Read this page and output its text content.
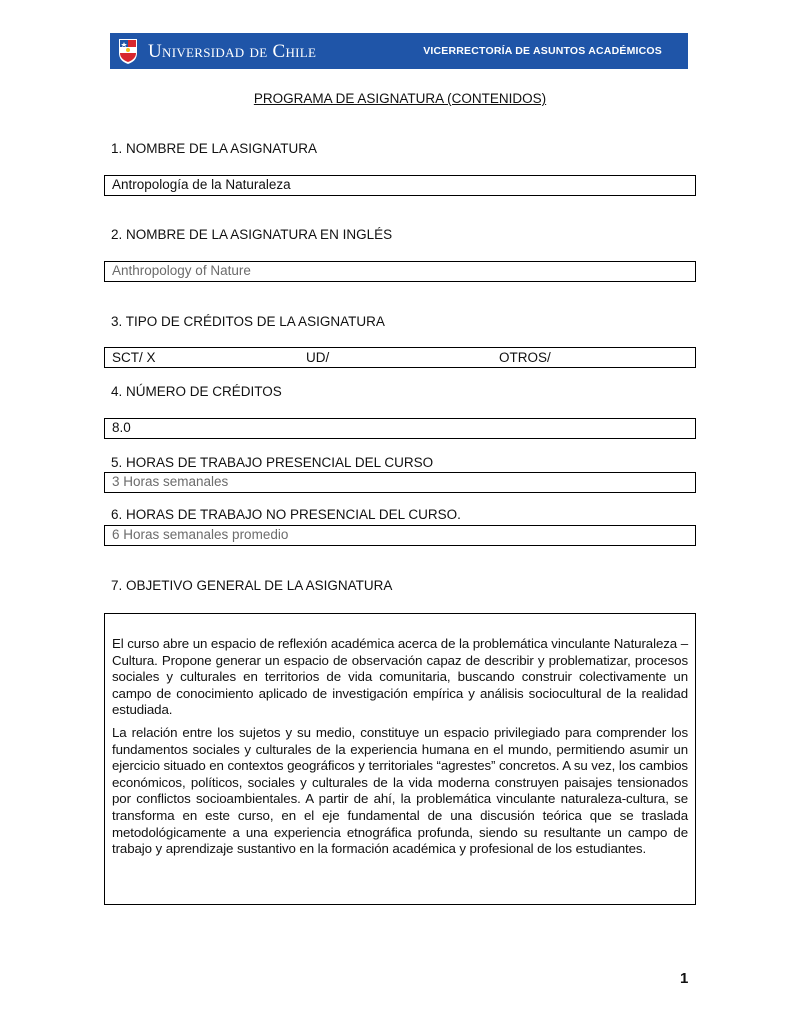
Universidad de Chile	VICERRECTORÍA DE ASUNTOS ACADÉMICOS
PROGRAMA DE ASIGNATURA (CONTENIDOS)
1. NOMBRE DE LA ASIGNATURA
Antropología de la Naturaleza
2. NOMBRE DE LA ASIGNATURA EN INGLÉS
Anthropology of Nature
3. TIPO DE CRÉDITOS DE LA ASIGNATURA
SCT/ X	UD/	OTROS/
4. NÚMERO DE CRÉDITOS
8.0
5. HORAS DE TRABAJO PRESENCIAL DEL CURSO
3 Horas semanales
6. HORAS DE TRABAJO NO PRESENCIAL DEL CURSO.
6 Horas semanales promedio
7. OBJETIVO GENERAL DE LA ASIGNATURA

El curso abre un espacio de reflexión académica acerca de la problemática vinculante Naturaleza – Cultura. Propone generar un espacio de observación capaz de describir y problematizar, procesos sociales y culturales en territorios de vida comunitaria, buscando construir colectivamente un campo de conocimiento aplicado de investigación empírica y análisis sociocultural de la realidad estudiada.

La relación entre los sujetos y su medio, constituye un espacio privilegiado para comprender los fundamentos sociales y culturales de la experiencia humana en el mundo, permitiendo asumir un ejercicio situado en contextos geográficos y territoriales “agrestes” concretos. A su vez, los cambios económicos, políticos, sociales y culturales de la vida moderna construyen paisajes tensionados por conflictos socioambientales. A partir de ahí, la problemática vinculante naturaleza-cultura, se transforma en este curso, en el eje fundamental de una discusión teórica que se traslada metodológicamente a una experiencia etnográfica profunda, siendo su resultante un campo de trabajo y aprendizaje sustantivo en la formación académica y profesional de los estudiantes.

1
